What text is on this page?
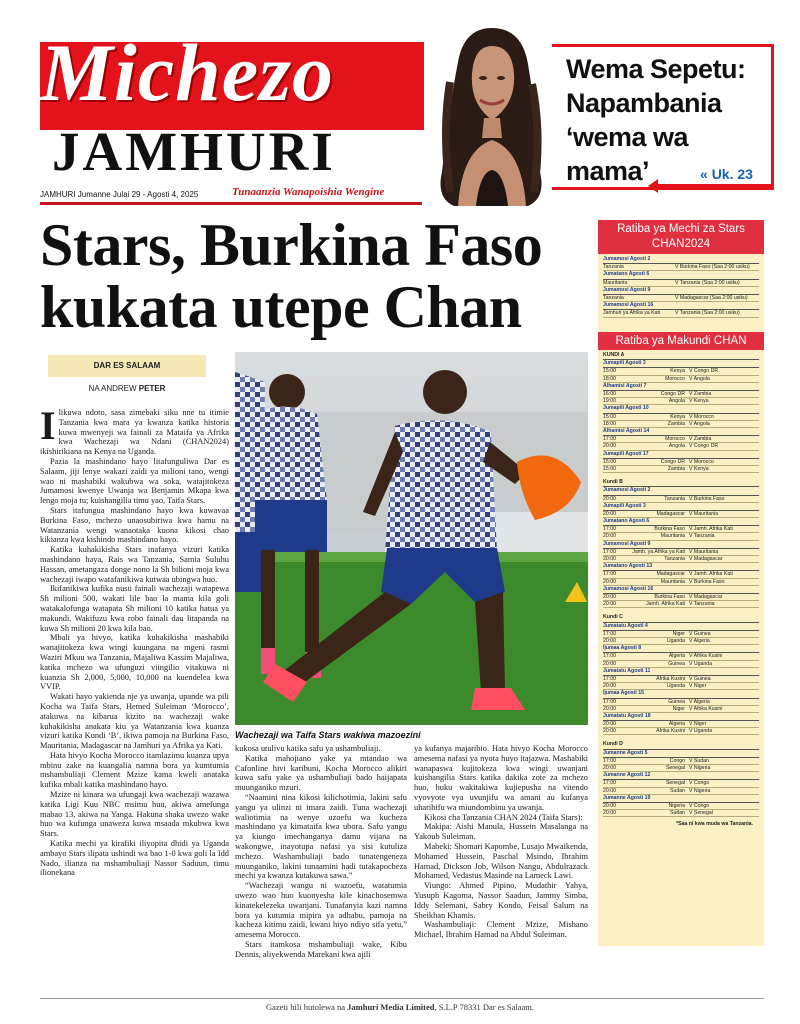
Michezo
JAMHURI
JAMHURI Jumanne Julai 29 - Agosti 4, 2025	Tunaanzia Wanapoishia Wengine
Wema Sepetu:
Napambania
‘wema wa mama’	« Uk. 23
Stars, Burkina Faso
kukata utepe Chan
DAR ES SALAAM
NA ANDREW PETER

Ilikuwa ndoto, sasa zimebaki siku nne tu itimie Tanzania kwa mara ya kwanza katika historia kuwa mwenyeji wa fainali za Mataifa ya Afrika kwa Wachezaji wa Ndani (CHAN2024) ikishirikiana na Kenya na Uganda.

Pazia la mashindano hayo litafunguliwa Dar es Salaam, jiji lenye wakazi zaidi ya milioni tano, wengi wao ni mashabiki wakubwa wa soka, watajitokeza Jumamosi kwenye Uwanja wa Benjamin Mkapa kwa lengo moja tu; kuishangilia timu yao, Taifa Stars.

Stars itafungua mashindano hayo kwa kuwavaa Burkina Faso, mchezo unaosubiriwa kwa hamu na Watanzania wengi wanaotaka kuona kikosi chao kikianza kwa kishindo mashindano hayo.

Katika kuhakikisha Stars inafanya vizuri katika mashindano haya, Rais wa Tanzania, Samia Suluhu Hassan, ametangaza donge nono la Sh bilioni moja kwa wachezaji iwapo watafanikiwa kutwaa ubingwa huo.

Ikifanikiwa kufika nusu fainali wachezaji watapewa Sh milioni 500, wakati lile bao la mama kila goli watakalofunga watapata Sh milioni 10 katika hatua ya makundi. Wakifuzu kwa robo fainali dau litapanda na kuwa Sh milioni 20 kwa kila bao.

Mbali ya hivyo, katika kuhakikisha mashabiki wanajitokeza kwa wingi kuungana na mgeni rasmi Waziri Mkuu wa Tanzania, Majaliwa Kassim Majaliwa, katika mchezo wa ufunguzi viingilio vitakuwa ni kuanzia Sh 2,000, 5,000, 10,000 na kuendelea kwa VVIP.

Wakati hayo yakienda nje ya uwanja, upande wa pili Kocha wa Taifa Stars, Hemed Suleiman ‘Morocco’, atakuwa na kibarua kizito na wachezaji wake kuhakikisha anakata kiu ya Watanzania kwa kuanza vizuri katika Kundi ‘B’, ikiwa pamoja na Burkina Faso, Mauritania, Madagascar na Jamhuri ya Afrika ya Kati.

Hata hivyo Kocha Morocco itamlazimu kuanza upya mbinu zake na kuangalia namna bora ya kumtumia mshambuliaji Clement Mzize kama kweli anataka kufika mbali katika mashindano hayo.

Mzize ni kinara wa ufungaji kwa wachezaji wazawa katika Ligi Kuu NBC msimu huu, akiwa amefunga mabao 13, akiwa na Yanga. Hakuna shaka uwezo wake huo wa kufunga unawezа kuwa msaada mkubwa kwa Stars.

Katika mechi ya kirafiki iliyopita dhidi ya Uganda ambayo Stars ilipata ushindi wa bao 1-0 kwa goli la Idd Nado, ilianza na mshambuliaji Nassor Saduun, timu ilionekana

Wachezaji wa Taifa Stars wakiwa mazoezini

kukosa utulivu katika safu ya ushambuliaji.

Katika mahojiano yake ya mtandao wa Cafonline hivi karibuni, Kocha Morocco alikiri kuwa safu yake ya ushambuliaji bado haijapata muunganiko mzuri.

“Naamini nina kikosi kilichotimia, lakini safu yangu ya ulinzi ni imara zaidi. Tuna wachezaji waliotimia na wenye uzoefu wa kucheza mashindano ya kimataifa kwa ubora. Safu yangu ya kiungo imechanganya damu vijana na wakongwe, inayotupa nafasi ya sisi kutuliza mchezo. Washambuliaji bado tunatengeneza muunganiko, lakini tunaamini hadi tutakapocheza mechi ya kwanza kutakuwa sawa.”

“Wachezaji wangu ni wazoefu, watatumia uwezo wao huo kuonyesha kile kinachosemwa kinatekelezeka uwanjani. Tunafanyia kazi namna bora ya kutumia mipira ya adhabu, pamoja na kacheza kitimu zaidi, kwani hiyo ndiyo sifa yetu,” amesema Morocco.

Stars itamkosa mshambuliaji wake, Kibu Dennis, aliyekwenda Marekani kwa ajili

ya kufanya majaribio. Hata hivyo Kocha Morocco amesema nafasi ya nyota huyo itajazwa. Mashabiki wanapaswa kujitokeza kwa wingi uwanjani kuishangilia Stars katika dakika zote za mchezo huo, huku wakitakiwa kujiepusha na vitendo vyovyote vya uvunjifu wa amani au kufanya uharibifu wa miundombinu ya uwanja.

Kikosi cha Tanzania CHAN 2024 (Taifa Stars):

Makipa: Aishi Manula, Hussein Masalanga na Yakoub Suleiman.

Mabeki: Shomari Kapombe, Lusajo Mwaikenda, Mohamed Hussein, Paschal Msindo, Ibrahim Hamad, Dickson Job, Wilson Nangu, Abdulrazack Mohamed, Vedastus Masinde na Lameck Lawi.

Viungo: Ahmed Pipino, Mudathir Yahya, Yusuph Kagoma, Nassor Saadun, Jammy Simba, Iddy Selemani, Sabry Kondo, Feisal Salum na Sheikhan Khamis.

Washambuliaji: Clement Mzize, Mishano Michael, Ibrahim Hamad na Abdul Suleiman.

Ratiba ya Mechi za Stars CHAN2024
Jumamosi Agosti 2
Tanzania	V Burkina Faso (Saa 2:00 usiku)
Jumatano Agosti 6
Mauritania	V Tanzania (Saa 2:00 usiku)
Jumamosi Agosti 9
Tanzania	V Madagascar (Saa 2:00 usiku)
Jumamosi Agosti 16
Jamhuri ya Afrika ya Kati	V Tanzania (Saa 2:00 usiku)
Ratiba ya Makundi CHAN
KUNDI A
Jumapili Agosti 3
15:00	Kenya V Congo DR
18:00	Morocco V Angola
Alhamisi Agosti 7
16:00	Congo DR V Zambia
19:00	Angola V Kenya
Jumapili Agosti 10
15:00	Kenya V Morocco
18:00	Zambia V Angola
Alhamisi Agosti 14
17:00	Morocco V Zambia
20:00	Angola V Congo DR
Jumapili Agosti 17
15:00	Congo DR V Morocco
15:00	Zambia V Kenya
Kundi B
Jumamosi Agosti 2
20:00	Tanzania V Burkina Faso
Jumapili Agosti 3
20:00	Madagascar V Mauritania
Jumatano Agosti 6
17:00	Burkina Faso V Jamh. Afrika Kati
20:00	Mauritania V Tanzania
Jumamosi Agosti 9
17:00	Jamh. ya Afrika ya Kati V Mauritania
20:00	Tanzania V Madagascar
Jumatano Agosti 13
17:00	Madagascar V Jamh. Afrika Kati
20:00	Mauritania V Burkina Faso
Jumamosi Agosti 16
20:00	Burkina Faso V Madagascar
20:00	Jamh. Afrika Kati V Tanzania
Kundi C
Jumatatu Agosti 4
17:00	Niger V Guinea
20:00	Uganda V Algeria
Ijumaa Agosti 8
17:00	Algeria V Afrika Kusini
20:00	Guinea V Uganda
Jumatatu Agosti 11
17:00	Afrika Kusini V Guinea
20:00	Uganda V Niger
Ijumaa Agosti 15
17:00	Guinea V Algeria
20:00	Niger V Afrika Kusini
Jumatatu Agosti 18
20:00	Algeria V Niger
20:00	Afrika Kusini V Uganda
Kundi D
Jumanne Agosti 5
17:00	Congo V Sudan
20:00	Senegal V Nigeria
Jumanne Agosti 12
17:00	Senegal V Congo
20:00	Sudan V Nigeria
Jumanne Agosti 19
20:00	Nigeria V Congo
20:00	Sudan V Senegal
*Saa ni kwa muda wa Tanzania.
Gazeti hili hutolewa na Jamhuri Media Limited, S.L.P 78331 Dar es Salaam.
